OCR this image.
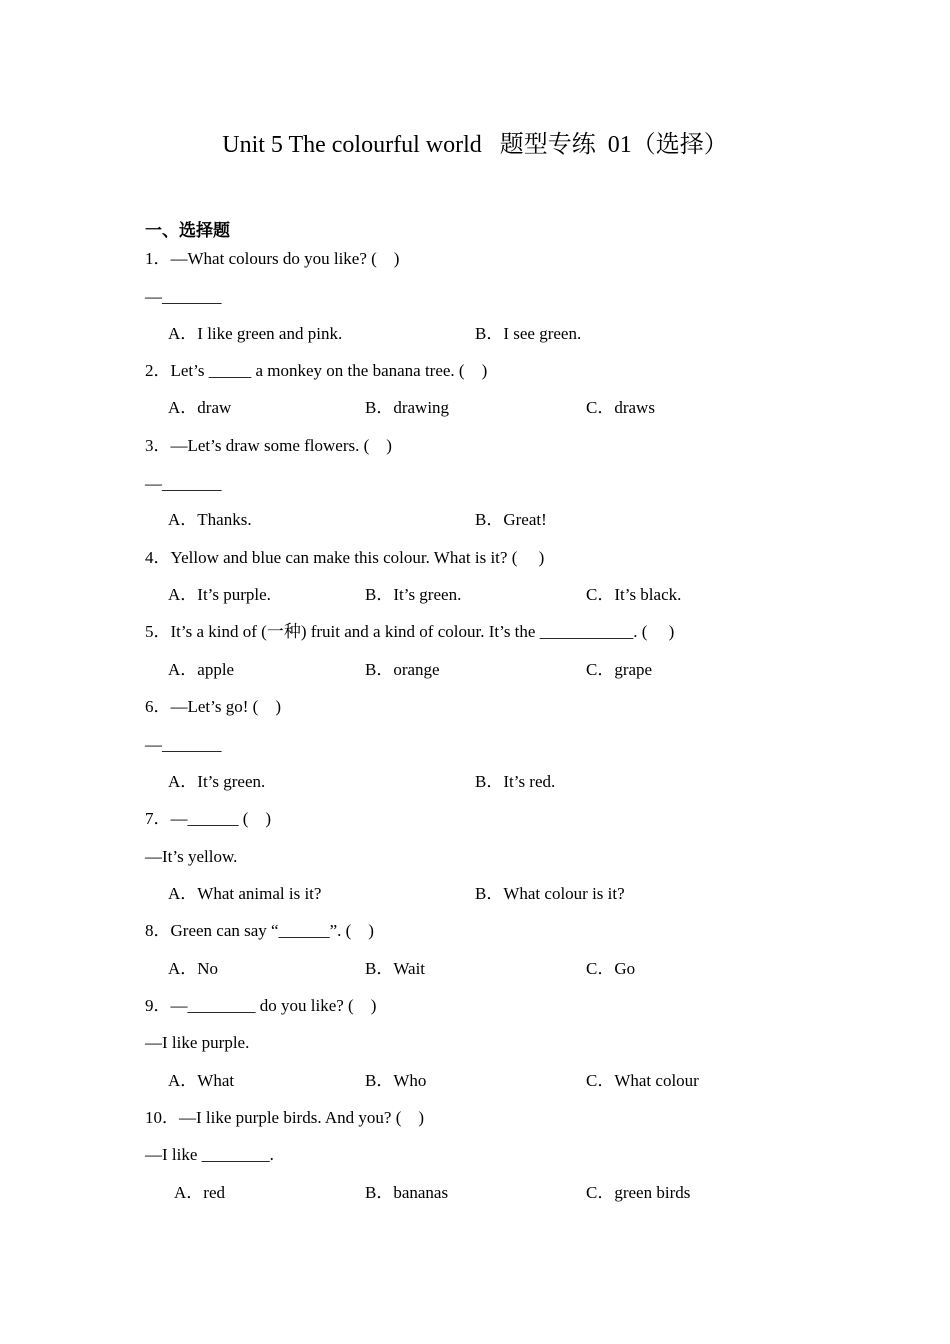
Unit 5 The colourful world   题型专练  01（选择）
一、选择题
1．—What colours do you like? (    )
—_______
A．I like green and pink.	B．I see green.
2．Let’s _____ a monkey on the banana tree. (    )
A．draw	B．drawing	C．draws
3．—Let’s draw some flowers. (    )
—_______
A．Thanks.	B．Great!
4．Yellow and blue can make this colour. What is it? (     )
A．It’s purple.	B．It’s green.	C．It’s black.
5．It’s a kind of (一种) fruit and a kind of colour. It’s the ___________. (     )
A．apple	B．orange	C．grape
6．—Let’s go! (    )
—_______
A．It’s green.	B．It’s red.
7．—______ (    )
—It’s yellow.
A．What animal is it?	B．What colour is it?
8．Green can say “______”. (    )
A．No	B．Wait	C．Go
9．—________ do you like? (    )
—I like purple.
A．What	B．Who	C．What colour
10．—I like purple birds. And you? (    )
—I like ________.
A．red	B．bananas	C．green birds
